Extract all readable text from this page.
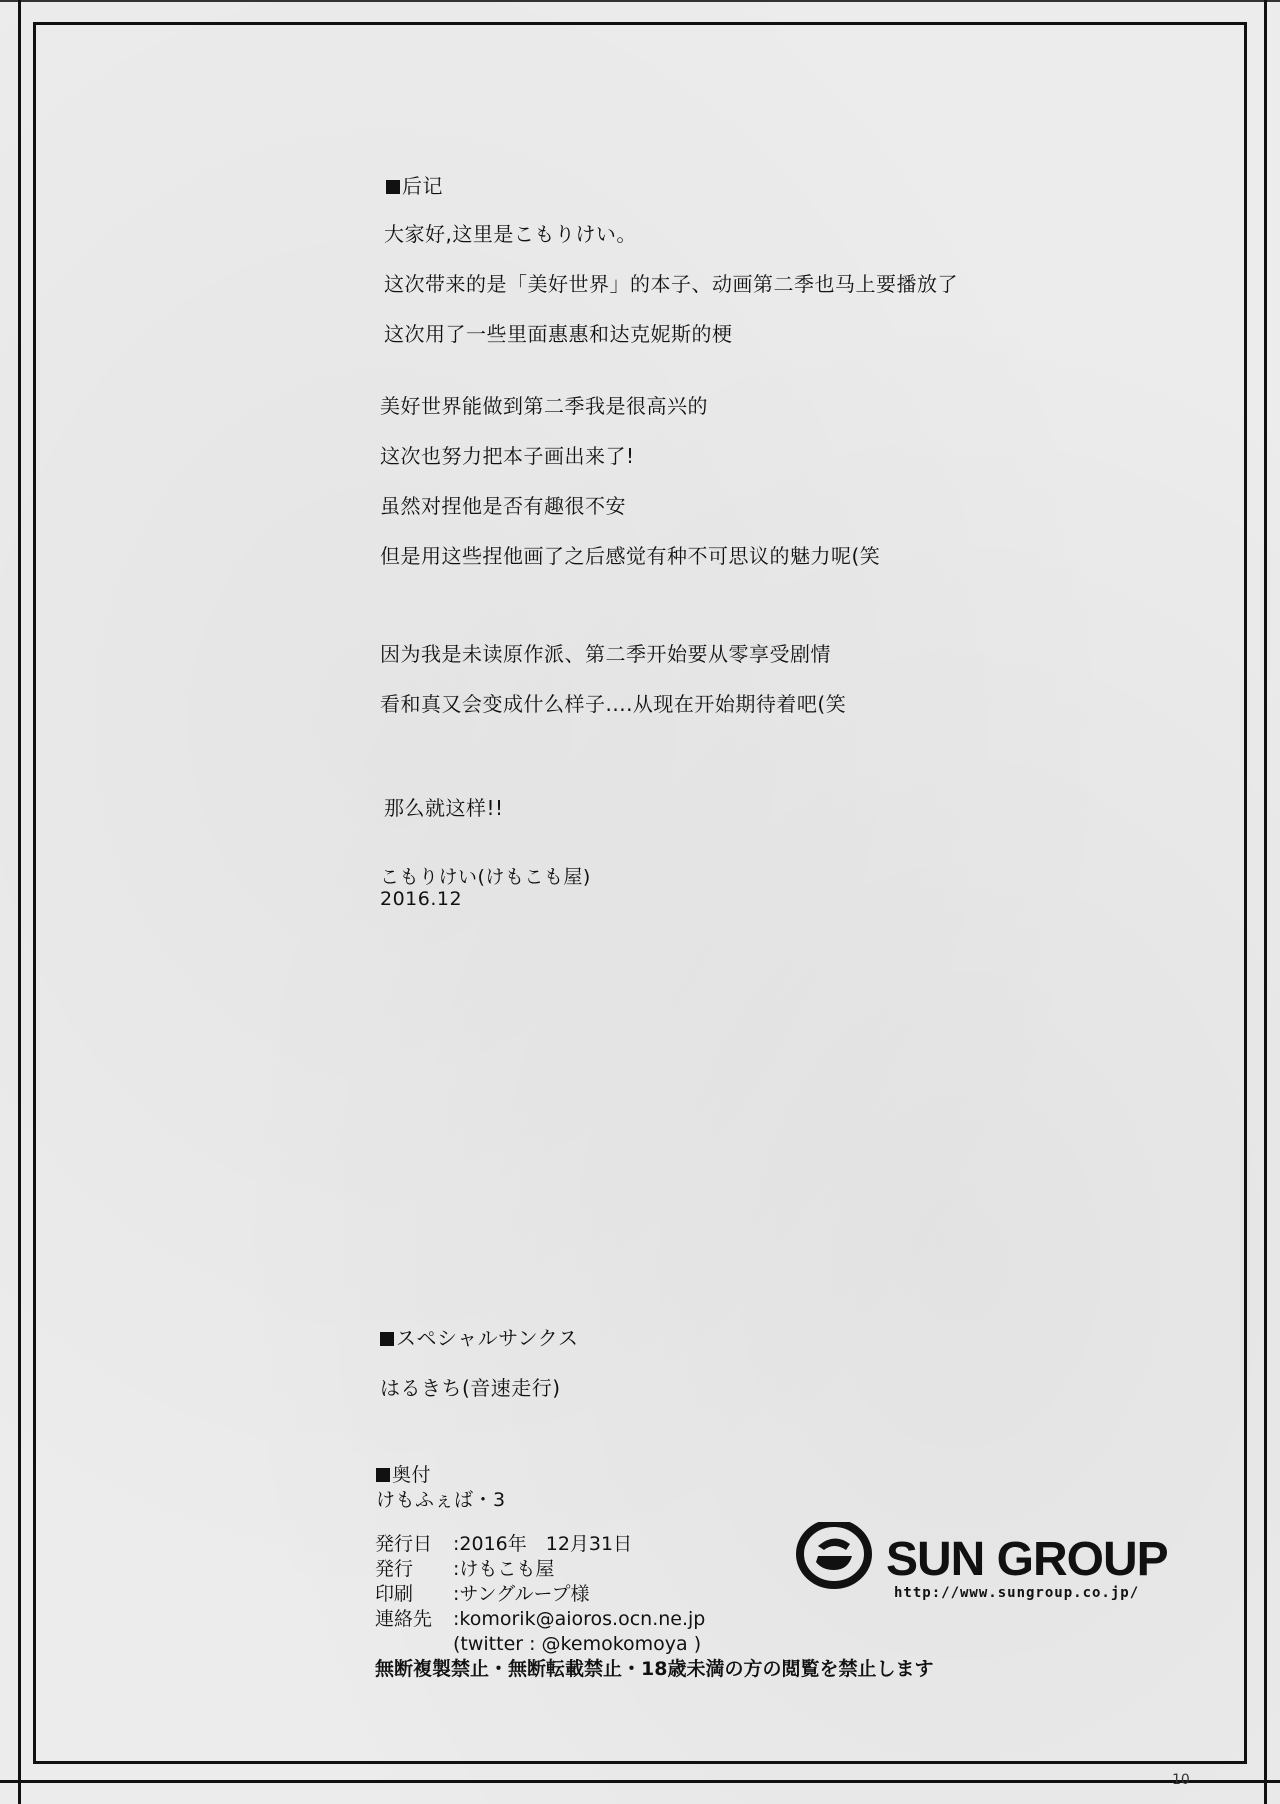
后记
大家好,这里是こもりけい。
这次带来的是「美好世界」的本子、动画第二季也马上要播放了
这次用了一些里面惠惠和达克妮斯的梗
美好世界能做到第二季我是很高兴的
这次也努力把本子画出来了!
虽然对捏他是否有趣很不安
但是用这些捏他画了之后感觉有种不可思议的魅力呢(笑
因为我是未读原作派、第二季开始要从零享受剧情
看和真又会变成什么样子....从现在开始期待着吧(笑
那么就这样!!
こもりけい(けもこも屋)
2016.12
スペシャルサンクス
はるきち(音速走行)
奥付
けもふぇば・3
発行日	:2016年　12月31日
発行	:けもこも屋
印刷	:サングループ様
連絡先	:komorik@aioros.ocn.ne.jp
(twitter : @kemokomoya )
無断複製禁止・無断転載禁止・18歳未満の方の閲覧を禁止します
SUN GROUP
http://www.sungroup.co.jp/
10
